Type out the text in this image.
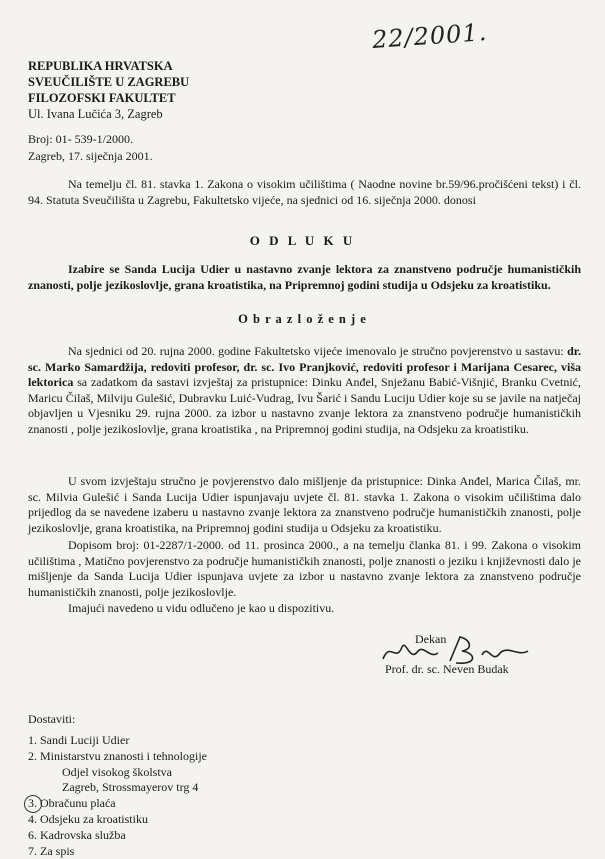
22/2001.
REPUBLIKA HRVATSKA
SVEUČILIŠTE U ZAGREBU
FILOZOFSKI FAKULTET
Ul. Ivana Lučića 3, Zagreb
Broj: 01- 539-1/2000.
Zagreb, 17. siječnja 2001.

Na temelju čl. 81. stavka 1. Zakona o visokim učilištima ( Naodne novine br.59/96.pročišćeni tekst) i čl. 94. Statuta Sveučilišta u Zagrebu, Fakultetsko vijeće, na sjednici od 16. siječnja 2000. donosi

O D L U K U

Izabire se Sanda Lucija Udier u nastavno zvanje lektora za znanstveno područje humanističkih znanosti, polje jezikoslovlje, grana kroatistika, na Pripremnoj godini studija u Odsjeku za kroatistiku.

O b r a z l o ž e n j e

Na sjednici od 20. rujna 2000. godine Fakultetsko vijeće imenovalo je stručno povjerenstvo u sastavu: dr. sc. Marko Samardžija, redoviti profesor, dr. sc. Ivo Pranjković, redoviti profesor i Marijana Cesarec, viša lektorica sa zadatkom da sastavi izvještaj za pristupnice: Dinku Anđel, Snježanu Babić-Višnjić, Branku Cvetnić, Maricu Čilaš, Milviju Gulešić, Dubravku Luić-Vudrag, Ivu Šarić i Sandu Luciju Udier koje su se javile na natječaj objavljen u Vjesniku 29. rujna 2000. za izbor u nastavno zvanje lektora za znanstveno područje humanističkih znanosti , polje jezikoslovlje, grana kroatistika , na Pripremnoj godini studija, na Odsjeku za kroatistiku.

U svom izvještaju stručno je povjerenstvo dalo mišljenje da pristupnice: Dinka Anđel, Marica Čilaš, mr. sc. Milvia Gulešić i Sanda Lucija Udier ispunjavaju uvjete čl. 81. stavka 1. Zakona o visokim učilištima dalo prijedlog da se navedene izaberu u nastavno zvanje lektora za znanstveno područje humanističkih znanosti, polje jezikoslovlje, grana kroatistika, na Pripremnoj godini studija u Odsjeku za kroatistiku.

Dopisom broj: 01-2287/1-2000. od 11. prosinca 2000., a na temelju članka 81. i 99. Zakona o visokim učilištima , Matično povjerenstvo za područje humanističkih znanosti, polje znanosti o jeziku i književnosti dalo je mišljenje da Sanda Lucija Udier ispunjava uvjete za izbor u nastavno zvanje lektora za znanstveno područje humanističkih znanosti, polje jezikoslovlje.

Imajući navedeno u vidu odlučeno je kao u dispozitivu.

Dekan
Prof. dr. sc. Neven Budak
Dostaviti:
1. Sandi Luciji Udier
2. Ministarstvu znanosti i tehnologije
Odjel visokog školstva
Zagreb, Strossmayerov trg 4
3. Obračunu plaća
4. Odsjeku za kroatistiku
6. Kadrovska služba
7. Za spis
